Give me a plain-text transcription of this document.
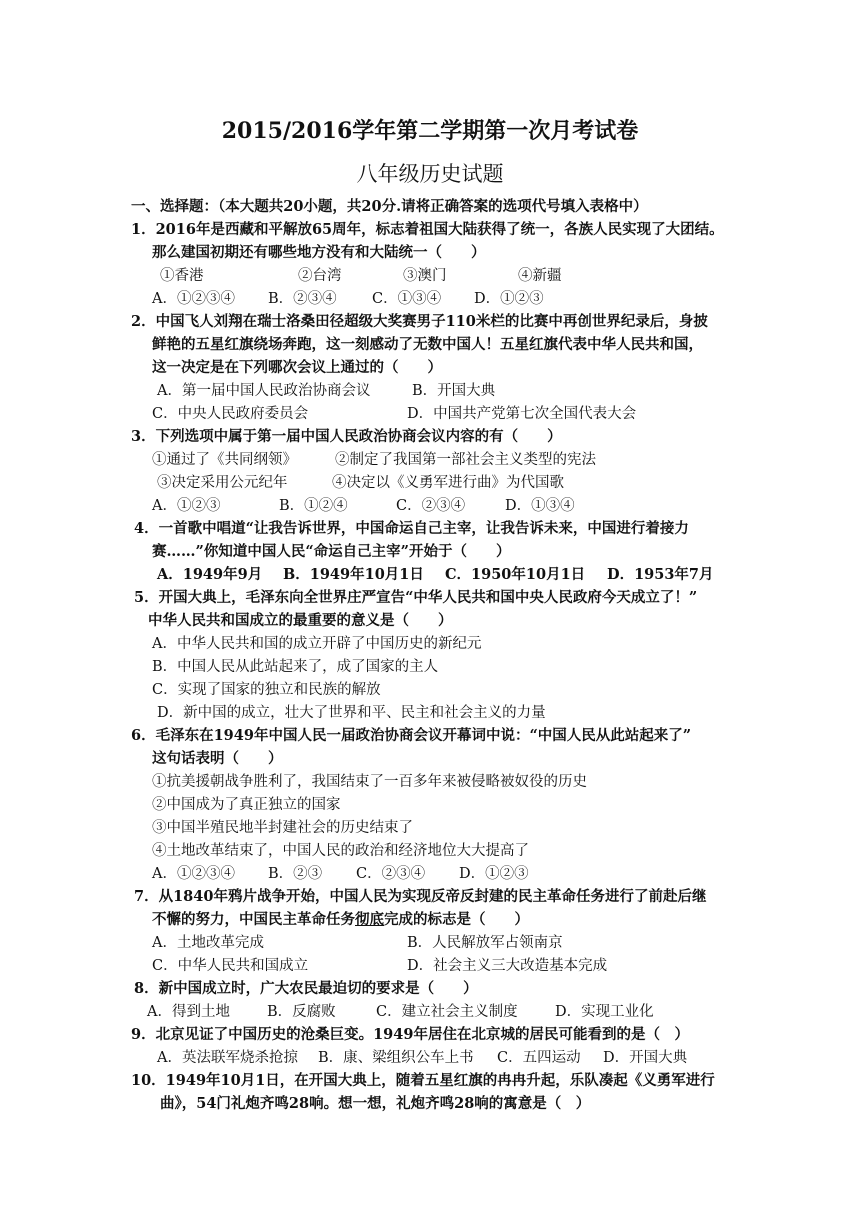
2015/2016学年第二学期第一次月考试卷
八年级历史试题
一、选择题：（本大题共20小题，共20分.请将正确答案的选项代号填入表格中）
1．2016年是西藏和平解放65周年，标志着祖国大陆获得了统一，各族人民实现了大团结。
那么建国初期还有哪些地方没有和大陆统一（　　）
①香港	②台湾	③澳门	④新疆
A．①②③④ B．②③④ C．①③④ D．①②③
2．中国飞人刘翔在瑞士洛桑田径超级大奖赛男子110米栏的比赛中再创世界纪录后，身披
鲜艳的五星红旗绕场奔跑，这一刻感动了无数中国人！五星红旗代表中华人民共和国，
这一决定是在下列哪次会议上通过的（　　）
A．第一届中国人民政治协商会议	B．开国大典
C．中央人民政府委员会	D．中国共产党第七次全国代表大会
3．下列选项中属于第一届中国人民政治协商会议内容的有（　　）
①通过了《共同纲领》	②制定了我国第一部社会主义类型的宪法
③决定采用公元纪年	④决定以《义勇军进行曲》为代国歌
A．①②③	B．①②④	C．②③④	D．①③④
4．一首歌中唱道“让我告诉世界，中国命运自己主宰，让我告诉未来，中国进行着接力
赛……”你知道中国人民“命运自己主宰”开始于（　　）
A．1949年9月 B．1949年10月1日 C．1950年10月1日 D．1953年7月
5．开国大典上，毛泽东向全世界庄严宣告“中华人民共和国中央人民政府今天成立了！”
中华人民共和国成立的最重要的意义是（　　）
A．中华人民共和国的成立开辟了中国历史的新纪元
B．中国人民从此站起来了，成了国家的主人
C．实现了国家的独立和民族的解放
D．新中国的成立，壮大了世界和平、民主和社会主义的力量
6．毛泽东在1949年中国人民一届政治协商会议开幕词中说：“中国人民从此站起来了”
这句话表明（　　）
①抗美援朝战争胜利了，我国结束了一百多年来被侵略被奴役的历史
②中国成为了真正独立的国家
③中国半殖民地半封建社会的历史结束了
④土地改革结束了，中国人民的政治和经济地位大大提高了
A．①②③④ B．②③ C．②③④ D．①②③
7．从1840年鸦片战争开始，中国人民为实现反帝反封建的民主革命任务进行了前赴后继
不懈的努力，中国民主革命任务彻底完成的标志是（　　）
A．土地改革完成	B．人民解放军占领南京
C．中华人民共和国成立	D．社会主义三大改造基本完成
8．新中国成立时，广大农民最迫切的要求是（　　）
A．得到土地	B．反腐败	C．建立社会主义制度	D．实现工业化
9．北京见证了中国历史的沧桑巨变。1949年居住在北京城的居民可能看到的是（　）
A．英法联军烧杀抢掠 B．康、梁组织公车上书 C．五四运动 D．开国大典
10．1949年10月1日，在开国大典上，随着五星红旗的冉冉升起，乐队凑起《义勇军进行
曲》，54门礼炮齐鸣28响。想一想，礼炮齐鸣28响的寓意是（　）
